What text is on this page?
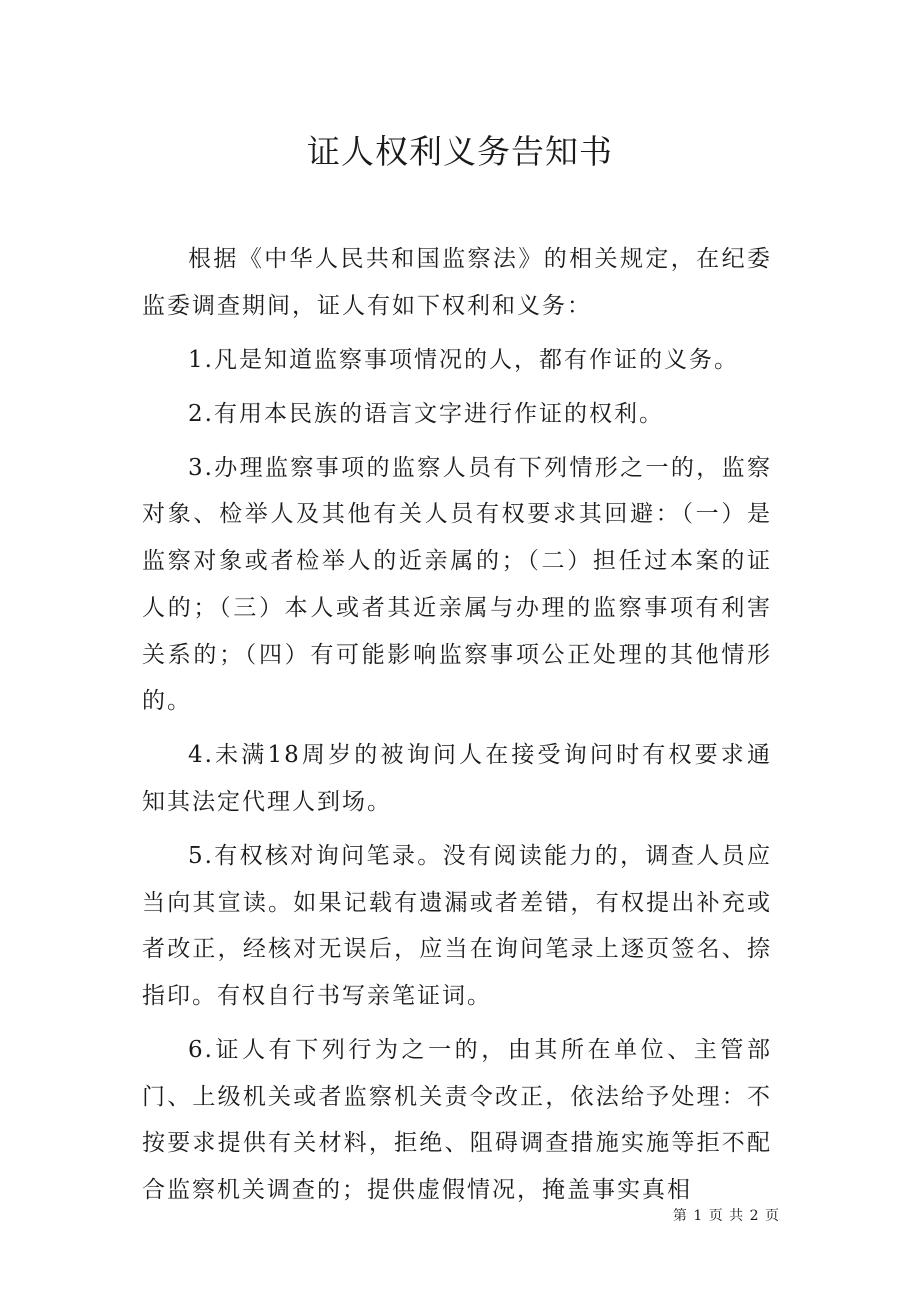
证人权利义务告知书

根据《中华人民共和国监察法》的相关规定，在纪委监委调查期间，证人有如下权利和义务：

1.凡是知道监察事项情况的人，都有作证的义务。

2.有用本民族的语言文字进行作证的权利。

3.办理监察事项的监察人员有下列情形之一的，监察对象、检举人及其他有关人员有权要求其回避：（一）是监察对象或者检举人的近亲属的；（二）担任过本案的证人的；（三）本人或者其近亲属与办理的监察事项有利害关系的；（四）有可能影响监察事项公正处理的其他情形的。

4.未满18周岁的被询问人在接受询问时有权要求通知其法定代理人到场。

5.有权核对询问笔录。没有阅读能力的，调查人员应当向其宣读。如果记载有遗漏或者差错，有权提出补充或者改正，经核对无误后，应当在询问笔录上逐页签名、捺指印。有权自行书写亲笔证词。

6.证人有下列行为之一的，由其所在单位、主管部门、上级机关或者监察机关责令改正，依法给予处理：不按要求提供有关材料，拒绝、阻碍调查措施实施等拒不配合监察机关调查的；提供虚假情况，掩盖事实真相

第 1 页 共 2 页
